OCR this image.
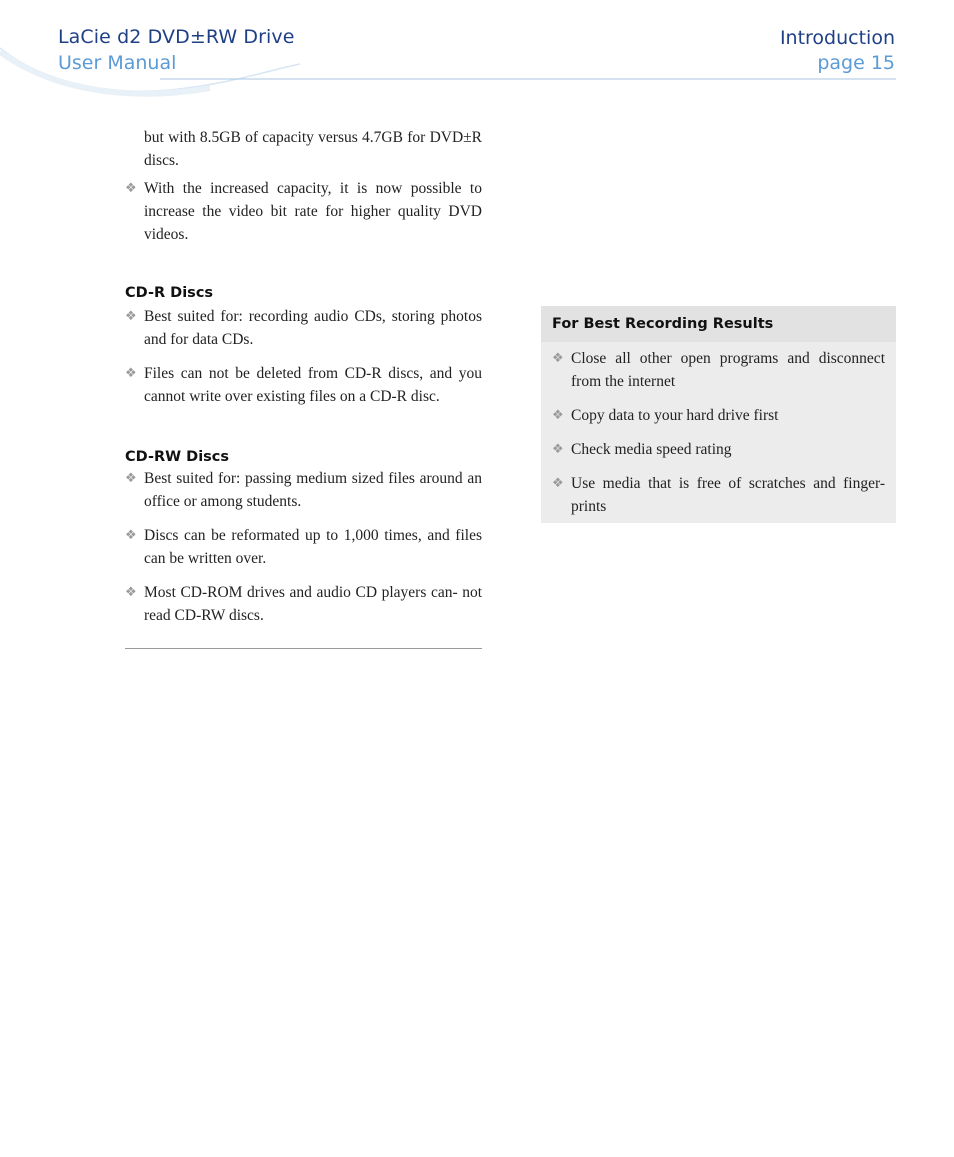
LaCie d2 DVD±RW Drive
User Manual
Introduction
page 15

but with 8.5GB of capacity versus 4.7GB for DVD±R discs.

❖ With the increased capacity, it is now possible to increase the video bit rate for higher quality DVD videos.
CD-R Discs
❖ Best suited for: recording audio CDs, storing photos and for data CDs.
❖ Files can not be deleted from CD-R discs, and you cannot write over existing files on a CD-R disc.
CD-RW Discs
❖ Best suited for: passing medium sized files around an office or among students.
❖ Discs can be reformated up to 1,000 times, and files can be written over.
❖ Most CD-ROM drives and audio CD players can- not read CD-RW discs.
For Best Recording Results
❖ Close all other open programs and disconnect from the internet
❖ Copy data to your hard drive first
❖ Check media speed rating
❖ Use media that is free of scratches and finger- prints
